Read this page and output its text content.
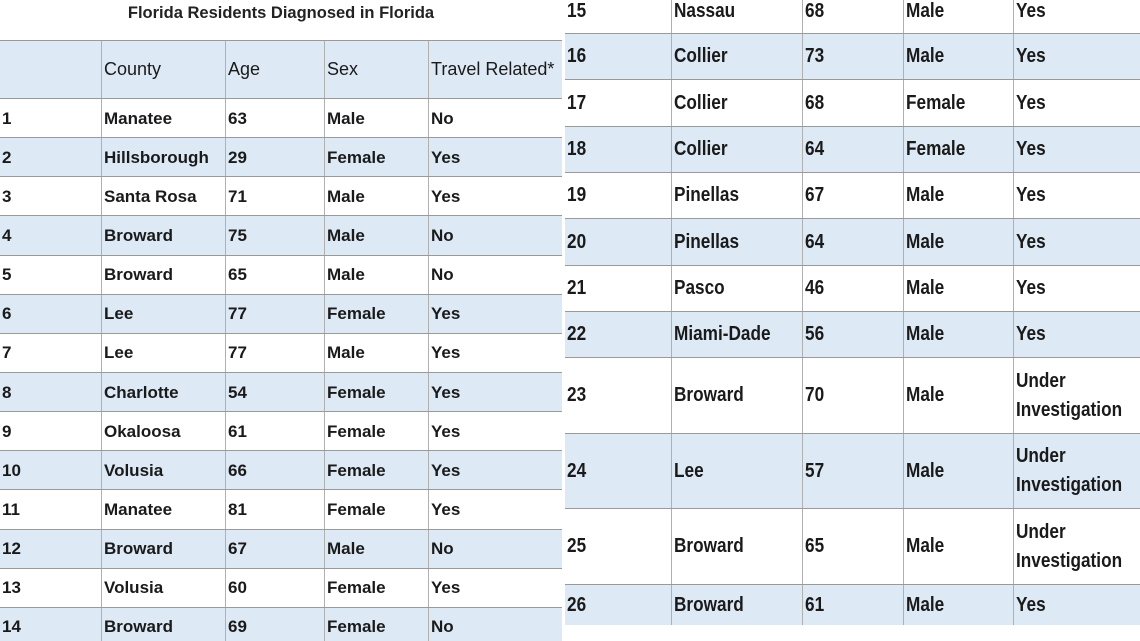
Florida Residents Diagnosed in Florida
County	Age	Sex	Travel Related*
1	Manatee	63	Male	No
2	Hillsborough	29	Female	Yes
3	Santa Rosa	71	Male	Yes
4	Broward	75	Male	No
5	Broward	65	Male	No
6	Lee	77	Female	Yes
7	Lee	77	Male	Yes
8	Charlotte	54	Female	Yes
9	Okaloosa	61	Female	Yes
10	Volusia	66	Female	Yes
11	Manatee	81	Female	Yes
12	Broward	67	Male	No
13	Volusia	60	Female	Yes
14	Broward	69	Female	No
15	Nassau	68	Male	Yes
16	Collier	73	Male	Yes
17	Collier	68	Female	Yes
18	Collier	64	Female	Yes
19	Pinellas	67	Male	Yes
20	Pinellas	64	Male	Yes
21	Pasco	46	Male	Yes
22	Miami-Dade 56	Male	Yes
23	Broward	70	Male
Under Investigation
24	Lee	57	Male
Under Investigation
25	Broward	65	Male
Under Investigation
26	Broward	61	Male	Yes
